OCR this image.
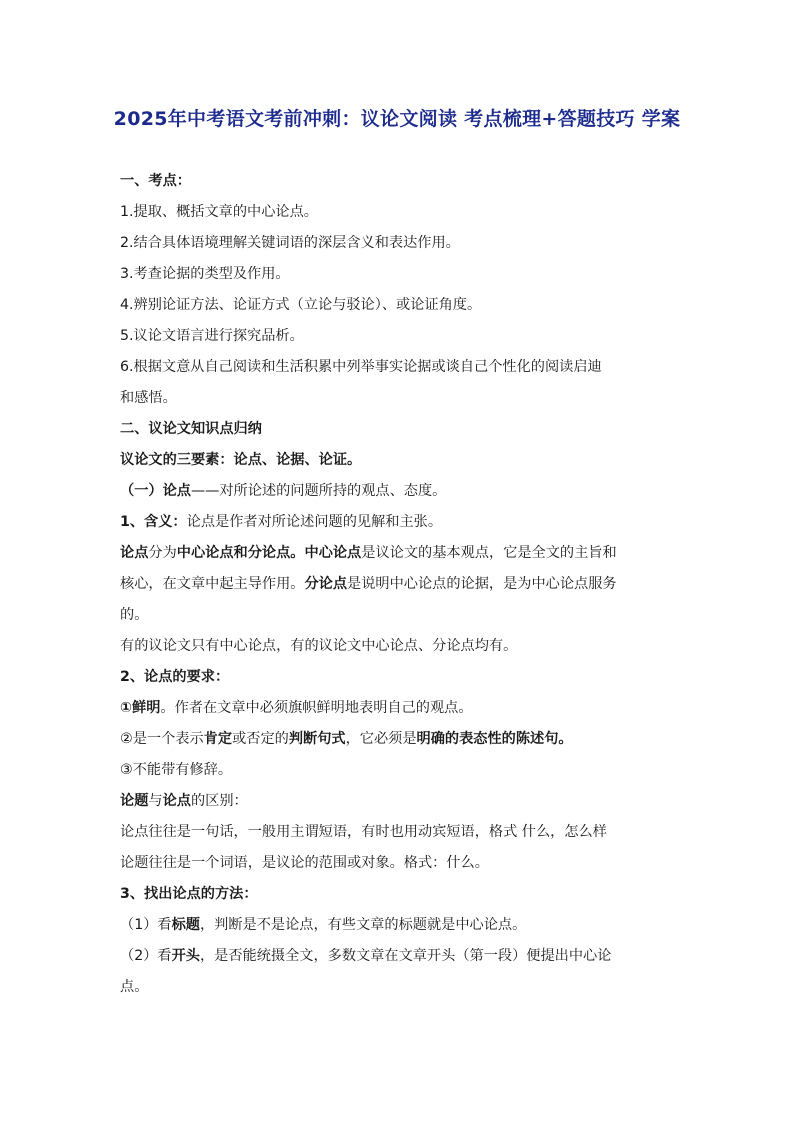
2025年中考语文考前冲刺：议论文阅读 考点梳理+答题技巧 学案
一、考点：
1.提取、概括文章的中心论点。
2.结合具体语境理解关键词语的深层含义和表达作用。
3.考查论据的类型及作用。
4.辨别论证方法、论证方式（立论与驳论）、或论证角度。
5.议论文语言进行探究品析。
6.根据文意从自己阅读和生活积累中列举事实论据或谈自己个性化的阅读启迪
和感悟。
二、议论文知识点归纳
议论文的三要素：论点、论据、论证。
（一）论点——对所论述的问题所持的观点、态度。
1、含义：论点是作者对所论述问题的见解和主张。
论点分为中心论点和分论点。中心论点是议论文的基本观点，它是全文的主旨和
核心，在文章中起主导作用。分论点是说明中心论点的论据，是为中心论点服务
的。
有的议论文只有中心论点，有的议论文中心论点、分论点均有。
2、论点的要求：
①鲜明。作者在文章中必须旗帜鲜明地表明自己的观点。
②是一个表示肯定或否定的判断句式，它必须是明确的表态性的陈述句。
③不能带有修辞。
论题与论点的区别：
论点往往是一句话，一般用主谓短语，有时也用动宾短语，格式 什么，怎么样
论题往往是一个词语，是议论的范围或对象。格式：什么。
3、找出论点的方法：
（1）看标题，判断是不是论点，有些文章的标题就是中心论点。
（2）看开头，是否能统摄全文，多数文章在文章开头（第一段）便提出中心论
点。
